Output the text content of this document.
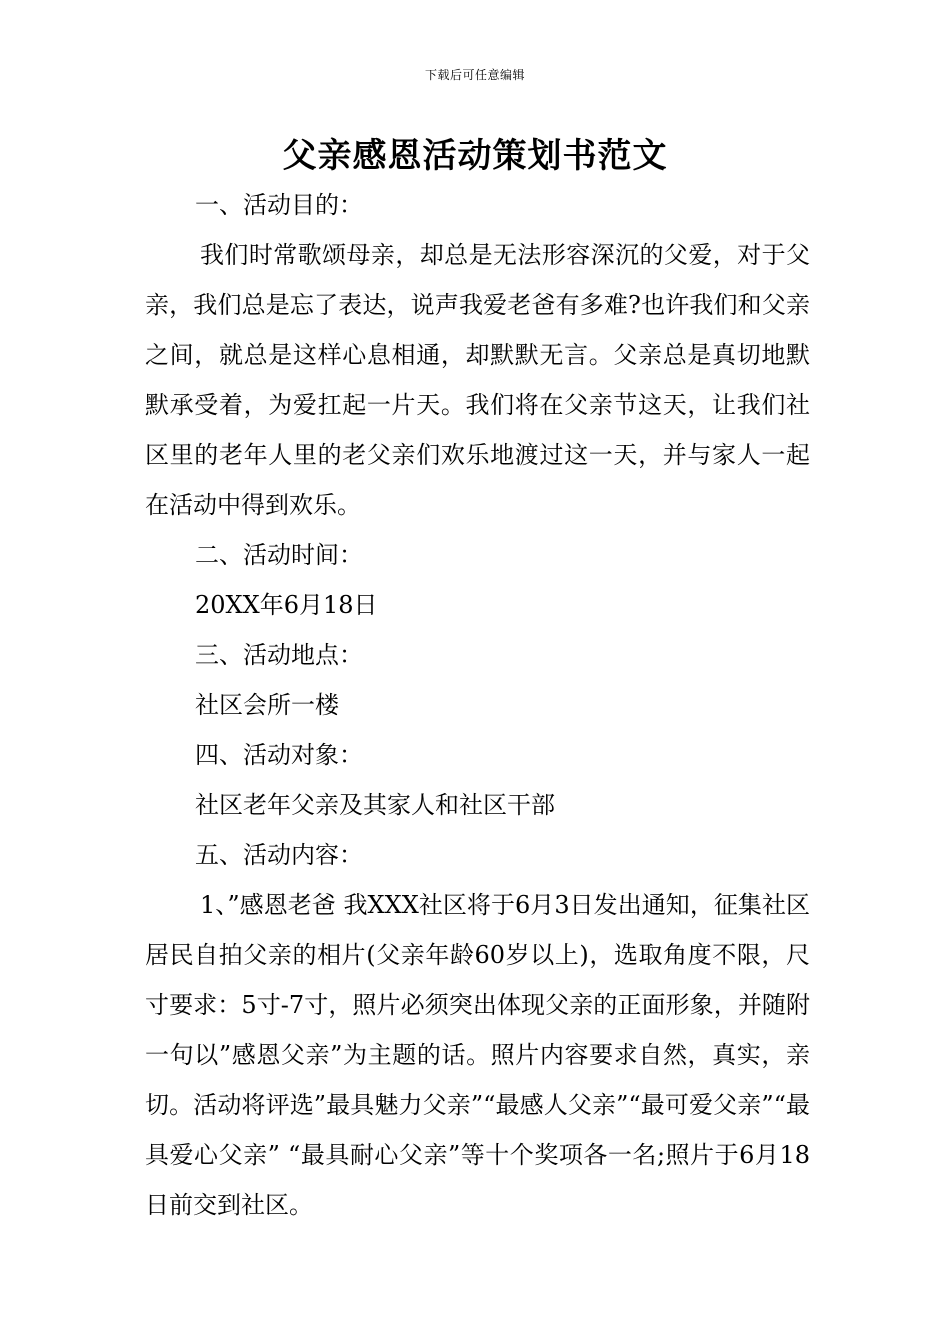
下载后可任意编辑
父亲感恩活动策划书范文

一、活动目的：

我们时常歌颂母亲，却总是无法形容深沉的父爱，对于父亲，我们总是忘了表达，说声我爱老爸有多难?也许我们和父亲之间，就总是这样心息相通，却默默无言。父亲总是真切地默默承受着，为爱扛起一片天。我们将在父亲节这天，让我们社区里的老年人里的老父亲们欢乐地渡过这一天，并与家人一起在活动中得到欢乐。

二、活动时间：

20XX年6月18日

三、活动地点：

社区会所一楼

四、活动对象：

社区老年父亲及其家人和社区干部

五、活动内容：

1、”感恩老爸 我XXX社区将于6月3日发出通知，征集社区居民自拍父亲的相片(父亲年龄60岁以上)，选取角度不限，尺寸要求：5寸-7寸，照片必须突出体现父亲的正面形象，并随附一句以”感恩父亲”为主题的话。照片内容要求自然，真实，亲切。活动将评选”最具魅力父亲”“最感人父亲”“最可爱父亲”“最具爱心父亲” “最具耐心父亲”等十个奖项各一名;照片于6月18日前交到社区。
